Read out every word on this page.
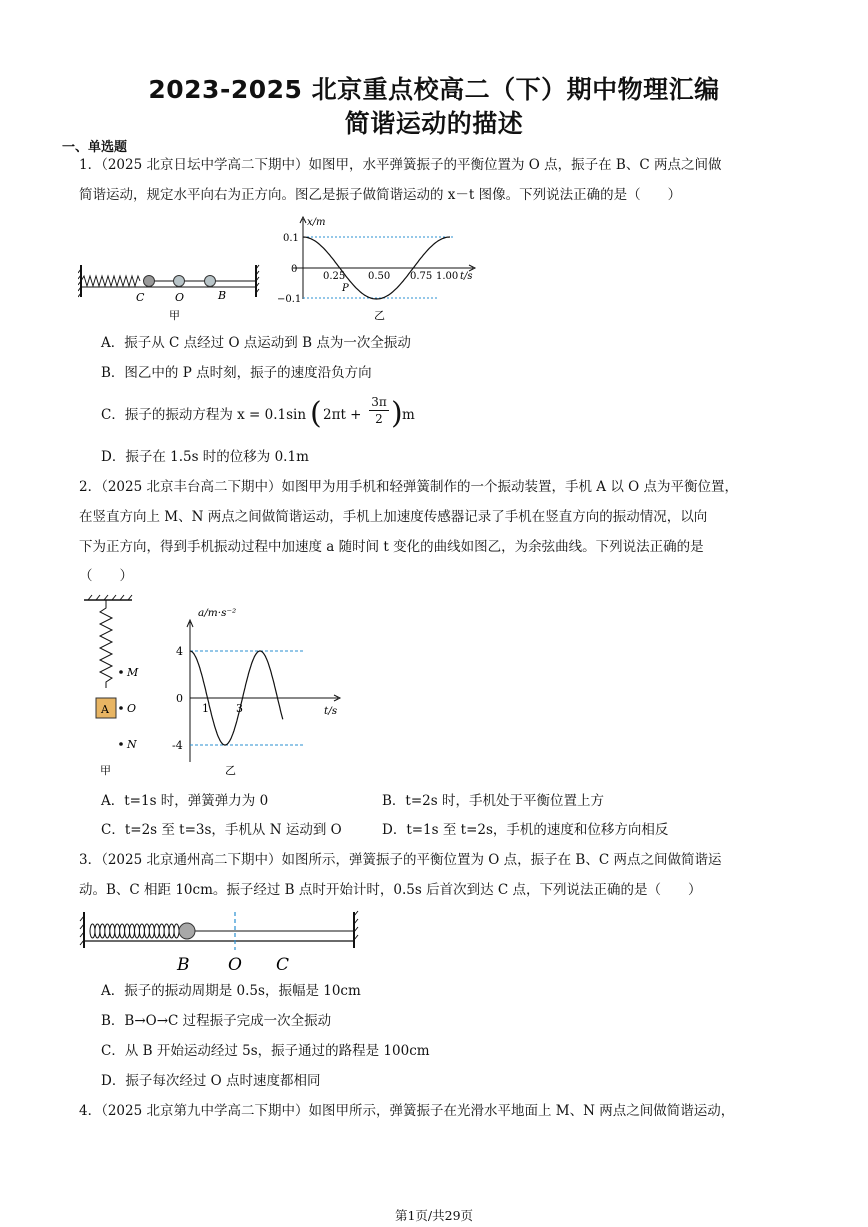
2023-2025 北京重点校高二（下）期中物理汇编
简谐运动的描述
一、单选题
1．（2025 北京日坛中学高二下期中）如图甲，水平弹簧振子的平衡位置为 O 点，振子在 B、C 两点之间做
简谐运动，规定水平向右为正方向。图乙是振子做简谐运动的 x－t 图像。下列说法正确的是（　　）
C	O	B
甲
x/m
t/s
0.1
0
−0.1
0.25 0.50 0.75 1.00
P
乙
A．振子从 C 点经过 O 点运动到 B 点为一次全振动
B．图乙中的 P 点时刻，振子的速度沿负方向
C．振子的振动方程为 x = 0.1sin ( $2\pi t + \frac{3\pi}{2}$ ) m
D．振子在 1.5s 时的位移为 0.1m
2．（2025 北京丰台高二下期中）如图甲为用手机和轻弹簧制作的一个振动装置，手机 A 以 O 点为平衡位置，
在竖直方向上 M、N 两点之间做简谐运动，手机上加速度传感器记录了手机在竖直方向的振动情况，以向
下为正方向，得到手机振动过程中加速度 a 随时间 t 变化的曲线如图乙，为余弦曲线。下列说法正确的是
（　　）
A
M
O
N
甲
a/m·s⁻²
t/s
4
0
-4
1 3
乙
A．t=1s 时，弹簧弹力为 0	B．t=2s 时，手机处于平衡位置上方
C．t=2s 至 t=3s，手机从 N 运动到 O	D．t=1s 至 t=2s，手机的速度和位移方向相反
3．（2025 北京通州高二下期中）如图所示，弹簧振子的平衡位置为 O 点，振子在 B、C 两点之间做简谐运
动。B、C 相距 10cm。振子经过 B 点时开始计时，0.5s 后首次到达 C 点，下列说法正确的是（　　）
B O C
A．振子的振动周期是 0.5s，振幅是 10cm
B．B→O→C 过程振子完成一次全振动
C．从 B 开始运动经过 5s，振子通过的路程是 100cm
D．振子每次经过 O 点时速度都相同
4．（2025 北京第九中学高二下期中）如图甲所示，弹簧振子在光滑水平地面上 M、N 两点之间做简谐运动，
第1页/共29页
